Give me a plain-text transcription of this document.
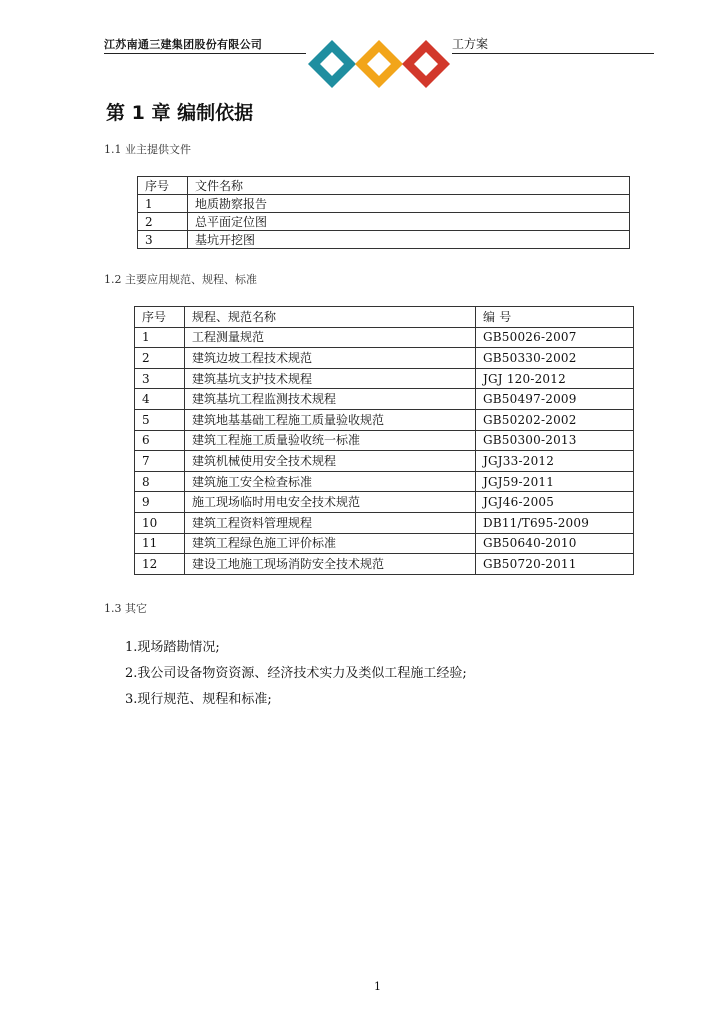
江苏南通三建集团股份有限公司	工方案
第 1 章 编制依据
1.1 业主提供文件
序号	文件名称
1	地质勘察报告
2	总平面定位图
3	基坑开挖图
1.2 主要应用规范、规程、标准
序号	规程、规范名称	编 号
1	工程测量规范	GB50026-2007
2	建筑边坡工程技术规范	GB50330-2002
3	建筑基坑支护技术规程	JGJ 120-2012
4	建筑基坑工程监测技术规程	GB50497-2009
5	建筑地基基础工程施工质量验收规范	GB50202-2002
6	建筑工程施工质量验收统一标准	GB50300-2013
7	建筑机械使用安全技术规程	JGJ33-2012
8	建筑施工安全检查标准	JGJ59-2011
9	施工现场临时用电安全技术规范	JGJ46-2005
10	建筑工程资料管理规程	DB11/T695-2009
11	建筑工程绿色施工评价标准	GB50640-2010
12	建设工地施工现场消防安全技术规范	GB50720-2011
1.3 其它
1.现场踏勘情况;
2.我公司设备物资资源、经济技术实力及类似工程施工经验;
3.现行规范、规程和标准;
1
